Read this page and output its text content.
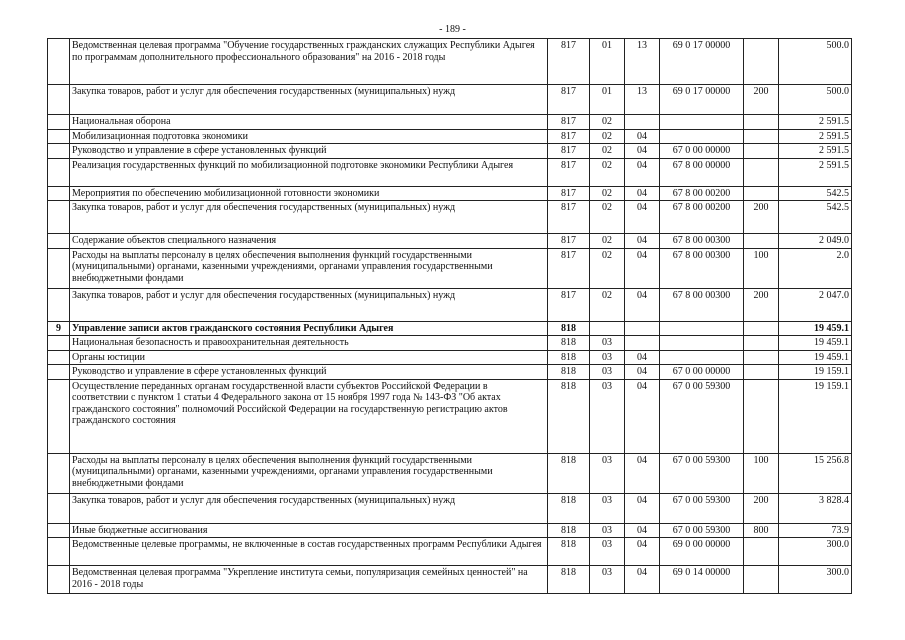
- 189 -
	Ведомственная целевая программа "Обучение государственных гражданских служащих Республики Адыгея по программам дополнительного профессионального образования" на 2016 - 2018 годы	817	01	13	69 0 17 00000		500.0
	Закупка товаров, работ и услуг для обеспечения государственных (муниципальных) нужд	817	01	13	69 0 17 00000	200	500.0
	Национальная оборона	817	02				2 591.5
	Мобилизационная подготовка экономики	817	02	04			2 591.5
	Руководство и управление в сфере установленных функций	817	02	04	67 0 00 00000		2 591.5
	Реализация государственных функций по мобилизационной подготовке экономики Республики Адыгея	817	02	04	67 8 00 00000		2 591.5
	Мероприятия по обеспечению мобилизационной готовности экономики	817	02	04	67 8 00 00200		542.5
	Закупка товаров, работ и услуг для обеспечения государственных (муниципальных) нужд	817	02	04	67 8 00 00200	200	542.5
	Содержание объектов специального назначения	817	02	04	67 8 00 00300		2 049.0
	Расходы на выплаты персоналу в целях обеспечения выполнения функций государственными (муниципальными) органами, казенными учреждениями, органами управления государственными внебюджетными фондами	817	02	04	67 8 00 00300	100	2.0
	Закупка товаров, работ и услуг для обеспечения государственных (муниципальных) нужд	817	02	04	67 8 00 00300	200	2 047.0
9	Управление записи актов гражданского состояния Республики Адыгея	818					19 459.1
	Национальная безопасность и правоохранительная деятельность	818	03				19 459.1
	Органы юстиции	818	03	04			19 459.1
	Руководство и управление в сфере установленных функций	818	03	04	67 0 00 00000		19 159.1
	Осуществление переданных органам государственной власти субъектов Российской Федерации в соответствии с пунктом 1 статьи 4 Федерального закона от 15 ноября 1997 года № 143-ФЗ "Об актах гражданского состояния" полномочий Российской Федерации на государственную регистрацию актов гражданского состояния	818	03	04	67 0 00 59300		19 159.1
	Расходы на выплаты персоналу в целях обеспечения выполнения функций государственными (муниципальными) органами, казенными учреждениями, органами управления государственными внебюджетными фондами	818	03	04	67 0 00 59300	100	15 256.8
	Закупка товаров, работ и услуг для обеспечения государственных (муниципальных) нужд	818	03	04	67 0 00 59300	200	3 828.4
	Иные бюджетные ассигнования	818	03	04	67 0 00 59300	800	73.9
	Ведомственные целевые программы, не включенные в состав государственных программ Республики Адыгея	818	03	04	69 0 00 00000		300.0
	Ведомственная целевая программа "Укрепление института семьи, популяризация семейных ценностей" на 2016 - 2018 годы	818	03	04	69 0 14 00000		300.0
